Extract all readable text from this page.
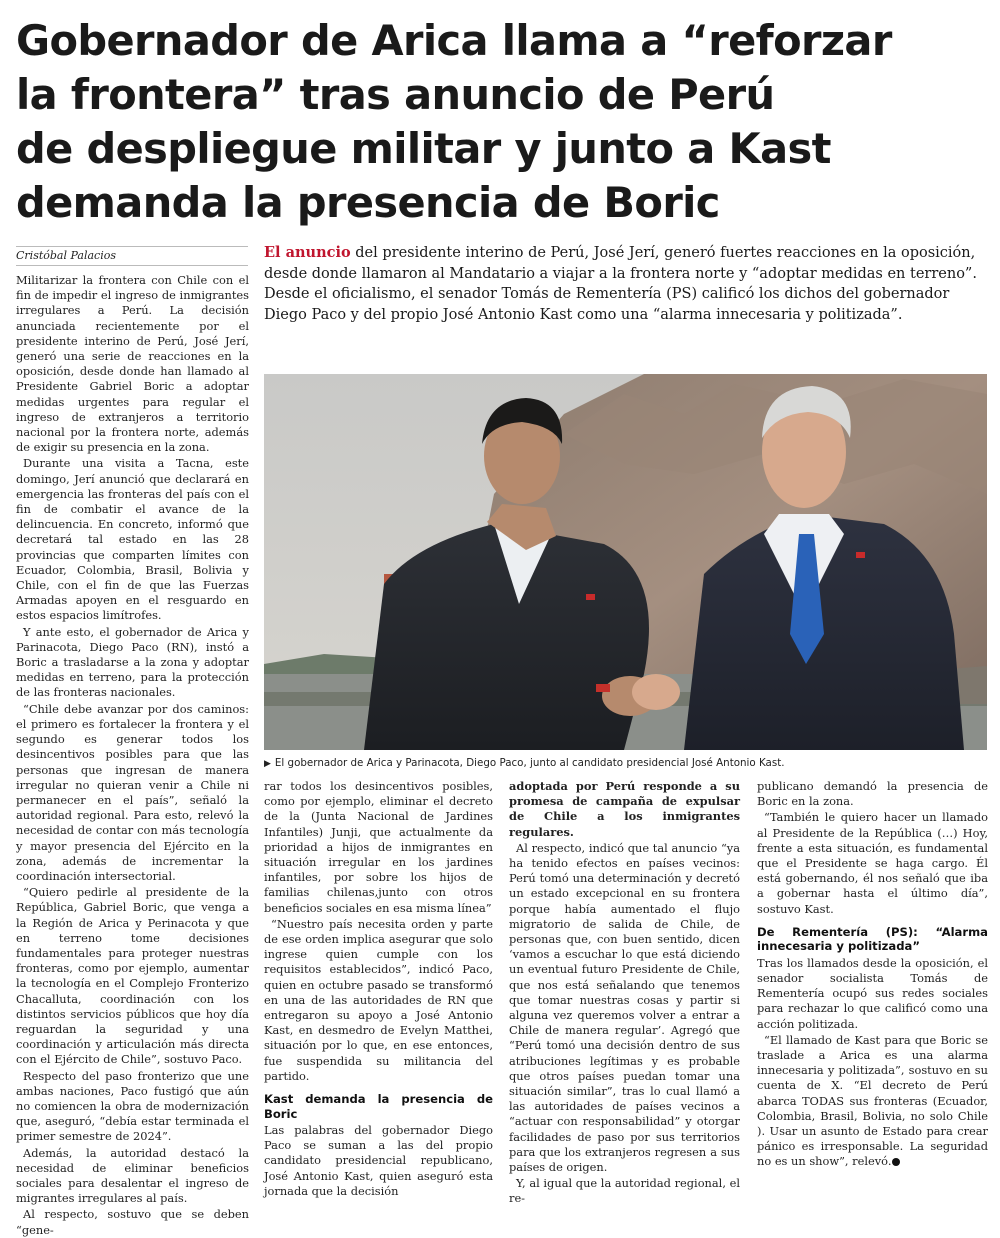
Gobernador de Arica llama a “reforzar
la frontera” tras anuncio de Perú
de despliegue militar y junto a Kast
demanda la presencia de Boric
Cristóbal Palacios	El anuncio del presidente interino de Perú, José Jerí, generó fuertes reacciones en la oposición, desde donde llamaron al Mandatario a viajar a la frontera norte y “adoptar medidas en terreno”. Desde el oficialismo, el senador Tomás de Rementería (PS) calificó los dichos del gobernador Diego Paco y del propio José Antonio Kast como una “alarma innecesaria y politizada”.

Militarizar la frontera con Chile con el fin de impedir el ingreso de inmigrantes irregulares a Perú. La decisión anunciada recientemente por el presidente interino de Perú, José Jerí, generó una serie de reacciones en la oposición, desde donde han llamado al Presidente Gabriel Boric a adoptar medidas urgentes para regular el ingreso de extranjeros a territorio nacional por la frontera norte, además de exigir su presencia en la zona.

Durante una visita a Tacna, este domingo, Jerí anunció que declarará en emergencia las fronteras del país con el fin de combatir el avance de la delincuencia. En concreto, informó que decretará tal estado en las 28 provincias que comparten límites con Ecuador, Colombia, Brasil, Bolivia y Chile, con el fin de que las Fuerzas Armadas apoyen en el resguardo en estos espacios limítrofes.

Y ante esto, el gobernador de Arica y Parinacota, Diego Paco (RN), instó a Boric a trasladarse a la zona y adoptar medidas en terreno, para la protección de las fronteras nacionales.

“Chile debe avanzar por dos caminos: el primero es fortalecer la frontera y el segundo es generar todos los desincentivos posibles para que las personas que ingresan de manera irregular no quieran venir a Chile ni permanecer en el país”, señaló la autoridad regional. Para esto, relevó la necesidad de contar con más tecnología y mayor presencia del Ejército en la zona, además de incrementar la coordinación intersectorial.

“Quiero pedirle al presidente de la República, Gabriel Boric, que venga a la Región de Arica y Perinacota y que en terreno tome decisiones fundamentales para proteger nuestras fronteras, como por ejemplo, aumentar la tecnología en el Complejo Fronterizo Chacalluta, coordinación con los distintos servicios públicos que hoy día reguardan la seguridad y una coordinación y articulación más directa con el Ejército de Chile”, sostuvo Paco.

Respecto del paso fronterizo que une ambas naciones, Paco fustigó que aún no comiencen la obra de modernización que, aseguró, “debía estar terminada el primer semestre de 2024”.

Además, la autoridad destacó la necesidad de eliminar beneficios sociales para desalentar el ingreso de migrantes irregulares al país.

Al respecto, sostuvo que se deben “gene-

▶ El gobernador de Arica y Parinacota, Diego Paco, junto al candidato presidencial José Antonio Kast.

rar todos los desincentivos posibles, como por ejemplo, eliminar el decreto de la (Junta Nacional de Jardines Infantiles) Junji, que actualmente da prioridad a hijos de inmigrantes en situación irregular en los jardines infantiles, por sobre los hijos de familias chilenas,junto con otros beneficios sociales en esa misma línea”

“Nuestro país necesita orden y parte de ese orden implica asegurar que solo ingrese quien cumple con los requisitos establecidos”, indicó Paco, quien en octubre pasado se transformó en una de las autoridades de RN que entregaron su apoyo a José Antonio Kast, en desmedro de Evelyn Matthei, situación por lo que, en ese entonces, fue suspendida su militancia del partido.

Kast demanda la presencia de Boric

Las palabras del gobernador Diego Paco se suman a las del propio candidato presidencial republicano, José Antonio Kast, quien aseguró esta jornada que la decisión

adoptada por Perú responde a su promesa de campaña de expulsar de Chile a los inmigrantes regulares.

Al respecto, indicó que tal anuncio “ya ha tenido efectos en países vecinos: Perú tomó una determinación y decretó un estado excepcional en su frontera porque había aumentado el flujo migratorio de salida de Chile, de personas que, con buen sentido, dicen ‘vamos a escuchar lo que está diciendo un eventual futuro Presidente de Chile, que nos está señalando que tenemos que tomar nuestras cosas y partir si alguna vez queremos volver a entrar a Chile de manera regular’. Agregó que “Perú tomó una decisión dentro de sus atribuciones legítimas y es probable que otros países puedan tomar una situación similar”, tras lo cual llamó a las autoridades de países vecinos a “actuar con responsabilidad” y otorgar facilidades de paso por sus territorios para que los extranjeros regresen a sus países de origen.

Y, al igual que la autoridad regional, el re-

publicano demandó la presencia de Boric en la zona.

“También le quiero hacer un llamado al Presidente de la República (…) Hoy, frente a esta situación, es fundamental que el Presidente se haga cargo. Él está gobernando, él nos señaló que iba a gobernar hasta el último día”, sostuvo Kast.

De Rementería (PS): “Alarma innecesaria y politizada”

Tras los llamados desde la oposición, el senador socialista Tomás de Rementería ocupó sus redes sociales para rechazar lo que calificó como una acción politizada.

“El llamado de Kast para que Boric se traslade a Arica es una alarma innecesaria y politizada”, sostuvo en su cuenta de X. “El decreto de Perú abarca TODAS sus fronteras (Ecuador, Colombia, Brasil, Bolivia, no solo Chile ). Usar un asunto de Estado para crear pánico es irresponsable. La seguridad no es un show”, relevó.
